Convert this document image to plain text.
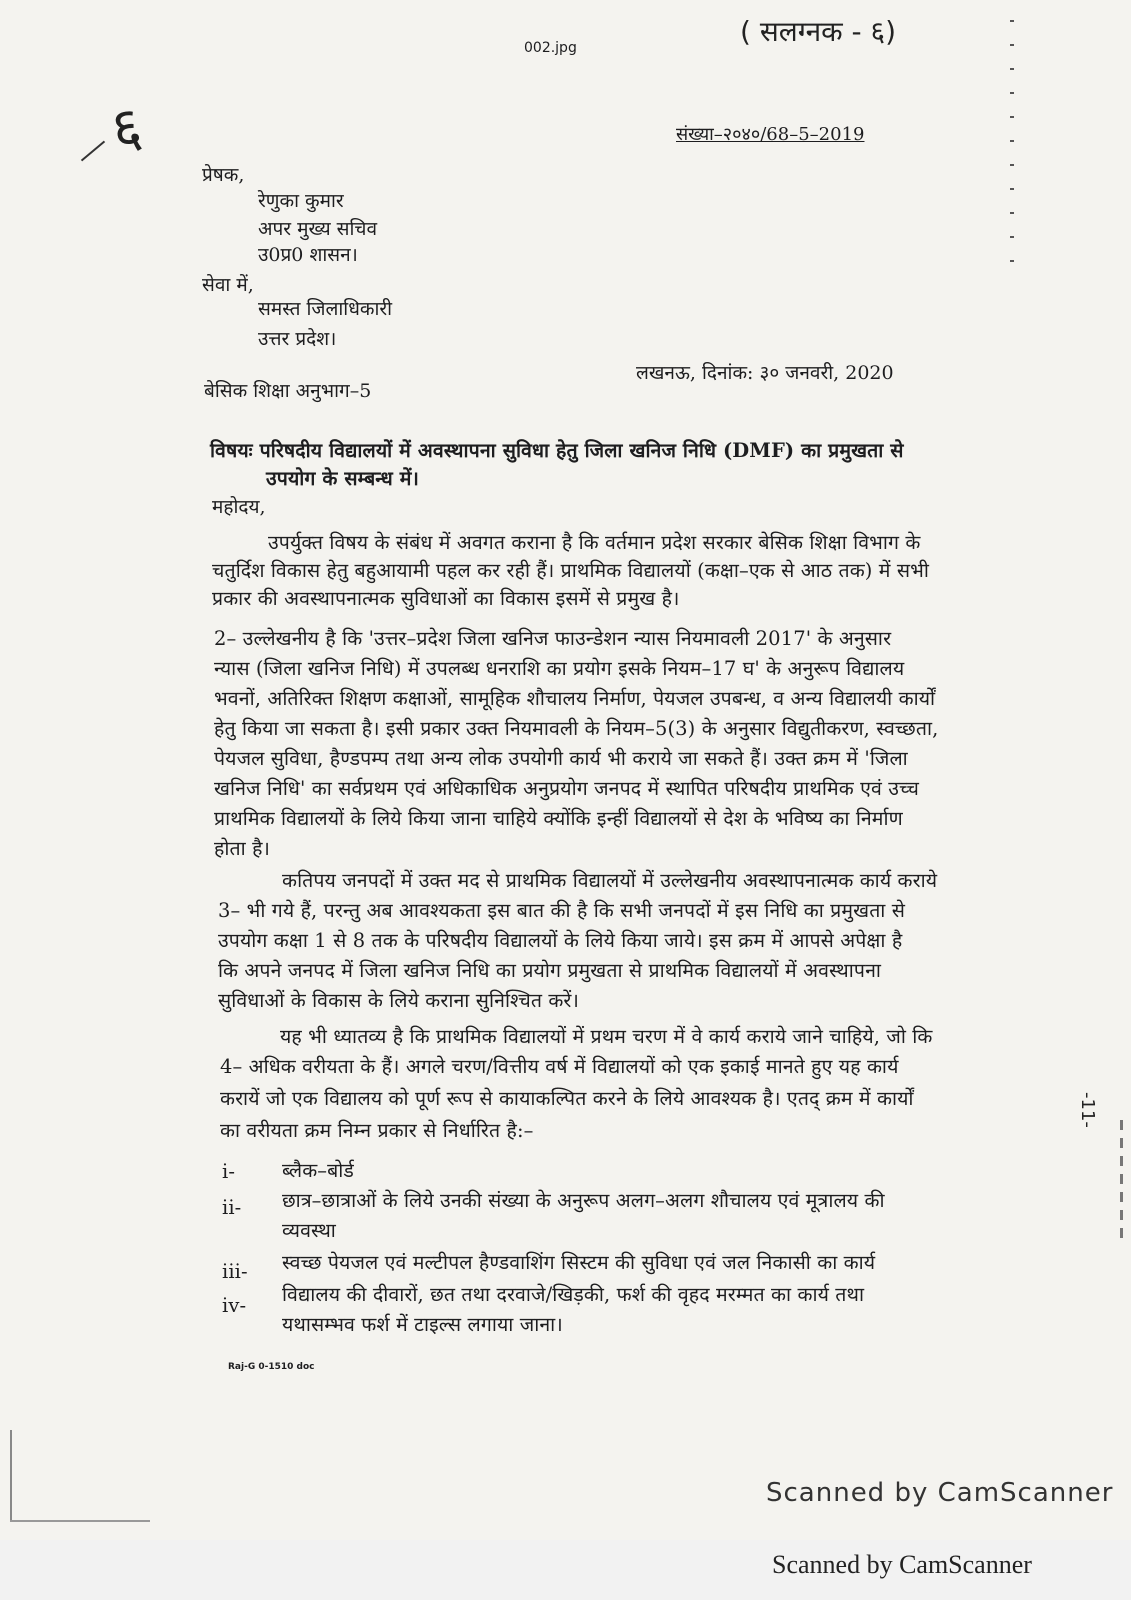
002.jpg	( सलग्नक - ६)
६	संख्या–२०४०/68–5–2019
प्रेषक,
रेणुका कुमार
अपर मुख्य सचिव
उ0प्र0 शासन।
सेवा में,
समस्त जिलाधिकारी
उत्तर प्रदेश।
बेसिक शिक्षा अनुभाग–5
लखनऊ, दिनांक: ३० जनवरी, 2020
विषयः परिषदीय विद्यालयों में अवस्थापना सुविधा हेतु जिला खनिज निधि (DMF) का प्रमुखता से
उपयोग के सम्बन्ध में।
महोदय,
उपर्युक्त विषय के संबंध में अवगत कराना है कि वर्तमान प्रदेश सरकार बेसिक शिक्षा विभाग के
चतुर्दिश विकास हेतु बहुआयामी पहल कर रही हैं। प्राथमिक विद्यालयों (कक्षा–एक से आठ तक) में सभी
प्रकार की अवस्थापनात्मक सुविधाओं का विकास इसमें से प्रमुख है।
2– उल्लेखनीय है कि 'उत्तर–प्रदेश जिला खनिज फाउन्डेशन न्यास नियमावली 2017' के अनुसार
न्यास (जिला खनिज निधि) में उपलब्ध धनराशि का प्रयोग इसके नियम–17 घ' के अनुरूप विद्यालय
भवनों, अतिरिक्त शिक्षण कक्षाओं, सामूहिक शौचालय निर्माण, पेयजल उपबन्ध, व अन्य विद्यालयी कार्यों
हेतु किया जा सकता है। इसी प्रकार उक्त नियमावली के नियम–5(3) के अनुसार विद्युतीकरण, स्वच्छता,
पेयजल सुविधा, हैण्डपम्प तथा अन्य लोक उपयोगी कार्य भी कराये जा सकते हैं। उक्त क्रम में 'जिला
खनिज निधि' का सर्वप्रथम एवं अधिकाधिक अनुप्रयोग जनपद में स्थापित परिषदीय प्राथमिक एवं उच्च
प्राथमिक विद्यालयों के लिये किया जाना चाहिये क्योंकि इन्हीं विद्यालयों से देश के भविष्य का निर्माण
होता है।
कतिपय जनपदों में उक्त मद से प्राथमिक विद्यालयों में उल्लेखनीय अवस्थापनात्मक कार्य कराये
3– भी गये हैं, परन्तु अब आवश्यकता इस बात की है कि सभी जनपदों में इस निधि का प्रमुखता से
उपयोग कक्षा 1 से 8 तक के परिषदीय विद्यालयों के लिये किया जाये। इस क्रम में आपसे अपेक्षा है
कि अपने जनपद में जिला खनिज निधि का प्रयोग प्रमुखता से प्राथमिक विद्यालयों में अवस्थापना
सुविधाओं के विकास के लिये कराना सुनिश्चित करें।
यह भी ध्यातव्य है कि प्राथमिक विद्यालयों में प्रथम चरण में वे कार्य कराये जाने चाहिये, जो कि
4– अधिक वरीयता के हैं। अगले चरण/वित्तीय वर्ष में विद्यालयों को एक इकाई मानते हुए यह कार्य
करायें जो एक विद्यालय को पूर्ण रूप से कायाकल्पित करने के लिये आवश्यक है। एतद् क्रम में कार्यों
का वरीयता क्रम निम्न प्रकार से निर्धारित है:–
i- ब्लैक–बोर्ड
ii- छात्र–छात्राओं के लिये उनकी संख्या के अनुरूप अलग–अलग शौचालय एवं मूत्रालय की
व्यवस्था
iii- स्वच्छ पेयजल एवं मल्टीपल हैण्डवाशिंग सिस्टम की सुविधा एवं जल निकासी का कार्य
iv- विद्यालय की दीवारों, छत तथा दरवाजे/खिड़की, फर्श की वृहद मरम्मत का कार्य तथा
यथासम्भव फर्श में टाइल्स लगाया जाना।
Raj-G 0-1510 doc
-11-
Scanned by CamScanner
Scanned by CamScanner
